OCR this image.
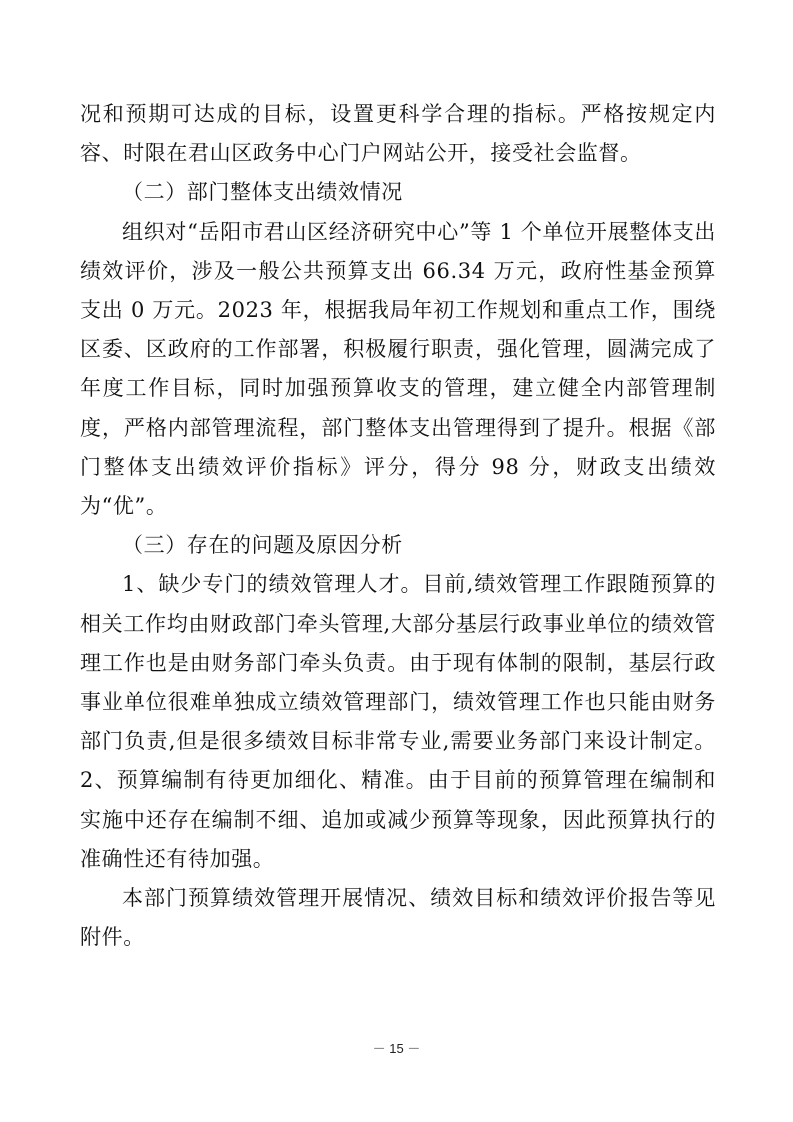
况和预期可达成的目标，设置更科学合理的指标。严格按规定内容、时限在君山区政务中心门户网站公开，接受社会监督。

（二）部门整体支出绩效情况

组织对“岳阳市君山区经济研究中心”等 1 个单位开展整体支出绩效评价，涉及一般公共预算支出 66.34 万元，政府性基金预算支出 0 万元。2023 年，根据我局年初工作规划和重点工作，围绕区委、区政府的工作部署，积极履行职责，强化管理，圆满完成了年度工作目标，同时加强预算收支的管理，建立健全内部管理制度，严格内部管理流程，部门整体支出管理得到了提升。根据《部门整体支出绩效评价指标》评分，得分 98 分，财政支出绩效为“优”。

（三）存在的问题及原因分析

1、缺少专门的绩效管理人才。目前,绩效管理工作跟随预算的相关工作均由财政部门牵头管理,大部分基层行政事业单位的绩效管理工作也是由财务部门牵头负责。由于现有体制的限制，基层行政事业单位很难单独成立绩效管理部门，绩效管理工作也只能由财务部门负责,但是很多绩效目标非常专业,需要业务部门来设计制定。2、预算编制有待更加细化、精准。由于目前的预算管理在编制和实施中还存在编制不细、追加或减少预算等现象，因此预算执行的准确性还有待加强。

本部门预算绩效管理开展情况、绩效目标和绩效评价报告等见附件。

－ 15 －
